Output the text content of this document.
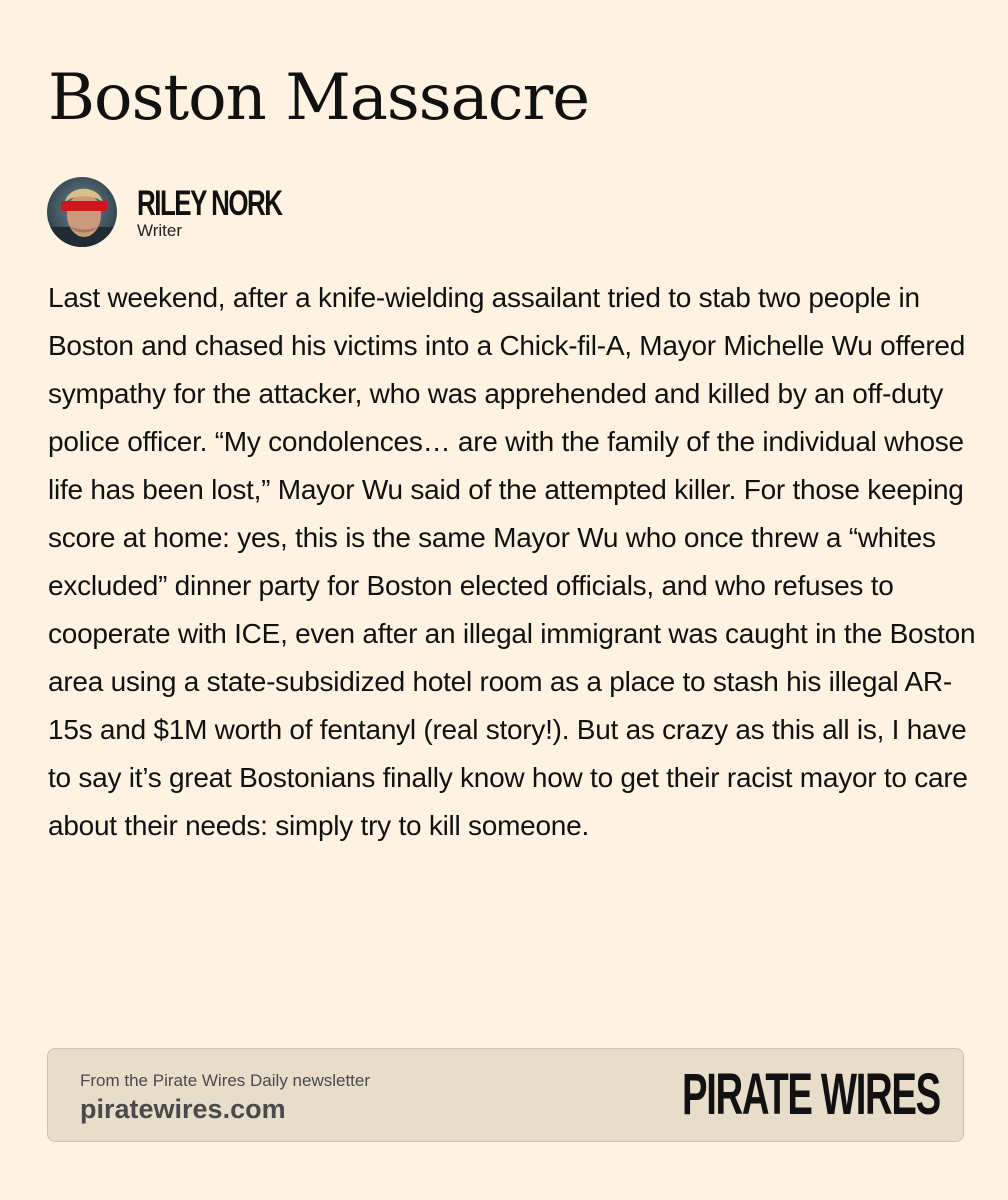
Boston Massacre
RILEY NORK
Writer

Last weekend, after a knife-wielding assailant tried to stab two people in Boston and chased his victims into a Chick-fil-A, Mayor Michelle Wu offered sympathy for the attacker, who was apprehended and killed by an off-duty police officer. “My condolences… are with the family of the individual whose life has been lost,” Mayor Wu said of the attempted killer. For those keeping score at home: yes, this is the same Mayor Wu who once threw a “whites excluded” dinner party for Boston elected officials, and who refuses to cooperate with ICE, even after an illegal immigrant was caught in the Boston area using a state-subsidized hotel room as a place to stash his illegal AR-15s and $1M worth of fentanyl (real story!). But as crazy as this all is, I have to say it’s great Bostonians finally know how to get their racist mayor to care about their needs: simply try to kill someone.

From the Pirate Wires Daily newsletter
piratewires.com	PIRATE WIRES
